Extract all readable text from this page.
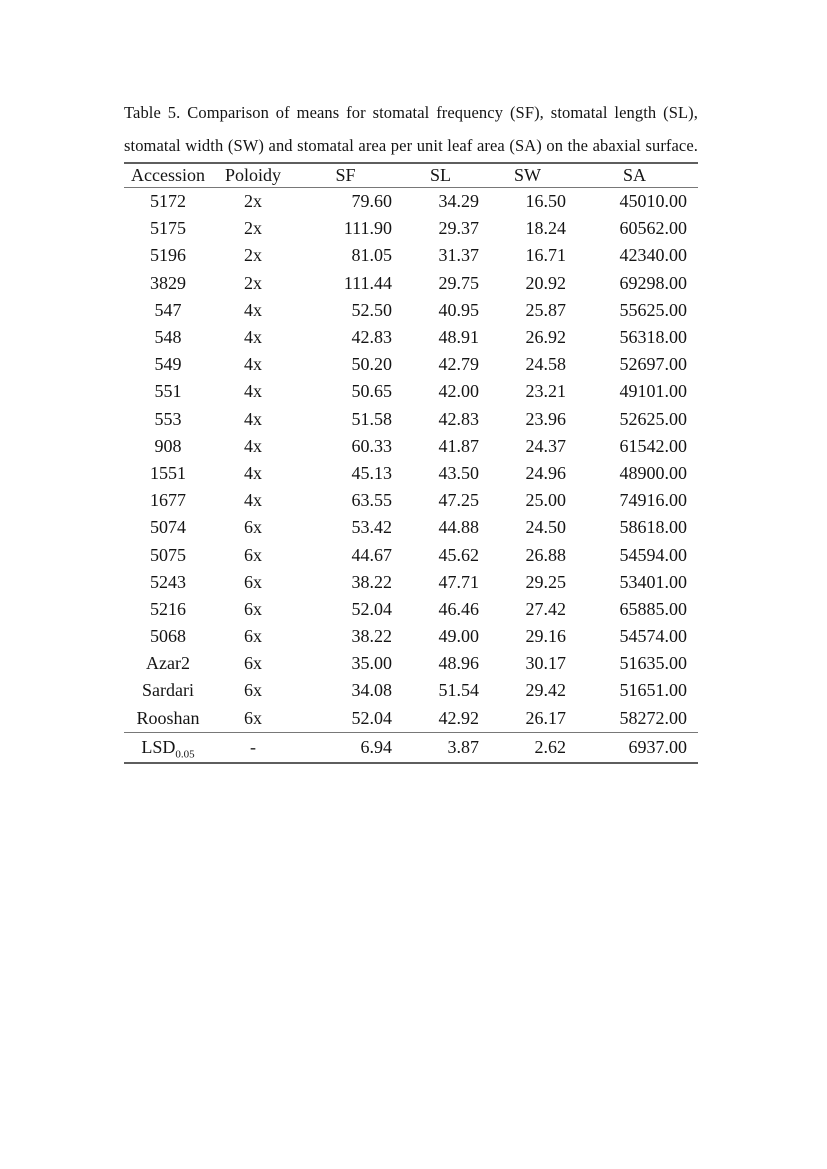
Table 5. Comparison of means for stomatal frequency (SF), stomatal length (SL),

stomatal width (SW) and stomatal area per unit leaf area (SA) on the abaxial surface.

Accession	Poloidy	SF	SL	SW	SA
5172	2x	79.60	34.29	16.50	45010.00
5175	2x	111.90	29.37	18.24	60562.00
5196	2x	81.05	31.37	16.71	42340.00
3829	2x	111.44	29.75	20.92	69298.00
547	4x	52.50	40.95	25.87	55625.00
548	4x	42.83	48.91	26.92	56318.00
549	4x	50.20	42.79	24.58	52697.00
551	4x	50.65	42.00	23.21	49101.00
553	4x	51.58	42.83	23.96	52625.00
908	4x	60.33	41.87	24.37	61542.00
1551	4x	45.13	43.50	24.96	48900.00
1677	4x	63.55	47.25	25.00	74916.00
5074	6x	53.42	44.88	24.50	58618.00
5075	6x	44.67	45.62	26.88	54594.00
5243	6x	38.22	47.71	29.25	53401.00
5216	6x	52.04	46.46	27.42	65885.00
5068	6x	38.22	49.00	29.16	54574.00
Azar2	6x	35.00	48.96	30.17	51635.00
Sardari	6x	34.08	51.54	29.42	51651.00
Rooshan	6x	52.04	42.92	26.17	58272.00
$LSD_{0.05}$	-	6.94	3.87	2.62	6937.00
